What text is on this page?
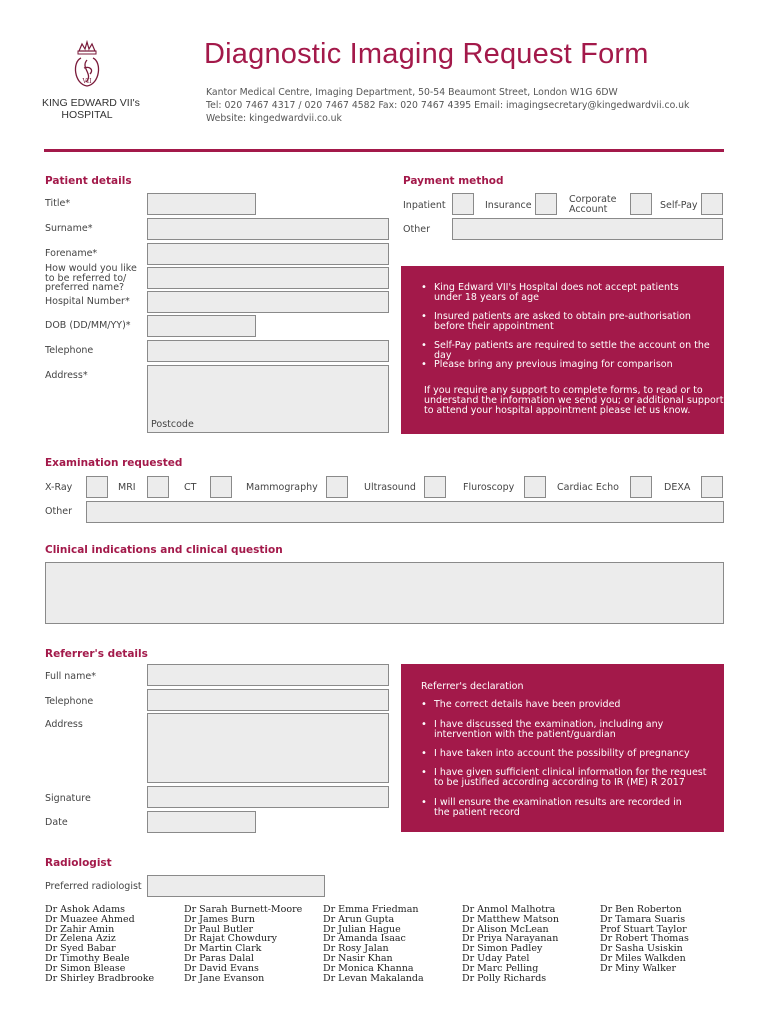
VII
KING EDWARD VII's
HOSPITAL
Diagnostic Imaging Request Form
Kantor Medical Centre, Imaging Department, 50-54 Beaumont Street, London W1G 6DW
Tel: 020 7467 4317 / 020 7467 4582 Fax: 020 7467 4395 Email: imagingsecretary@kingedwardvii.co.uk
Website: kingedwardvii.co.uk
Patient details
Title*
Surname*
Forename*
How would you like
to be referred to/
preferred name?
Hospital Number*
DOB (DD/MM/YY)*
Telephone
Address*
Postcode
Payment method
Inpatient	Insurance
Corporate
Account	Self-Pay
Other
• King Edward VII's Hospital does not accept patients
under 18 years of age
• Insured patients are asked to obtain pre-authorisation
before their appointment
• Self-Pay patients are required to settle the account on the day
• Please bring any previous imaging for comparison
If you require any support to complete forms, to read or to
understand the information we send you; or additional support
to attend your hospital appointment please let us know.
Examination requested
X-Ray	MRI	CT	Mammography	Ultrasound	Fluroscopy	Cardiac Echo	DEXA
Other
Clinical indications and clinical question
Referrer's details
Full name*
Telephone
Address
Signature
Date
Referrer's declaration
• The correct details have been provided
• I have discussed the examination, including any
intervention with the patient/guardian
• I have taken into account the possibility of pregnancy
• I have given sufficient clinical information for the request
to be justified according according to IR (ME) R 2017
• I will ensure the examination results are recorded in
the patient record
Radiologist
Preferred radiologist
Dr Ashok Adams
Dr Muazee Ahmed
Dr Zahir Amin
Dr Zelena Aziz
Dr Syed Babar
Dr Timothy Beale
Dr Simon Blease
Dr Shirley Bradbrooke
Dr Sarah Burnett-Moore
Dr James Burn
Dr Paul Butler
Dr Rajat Chowdury
Dr Martin Clark
Dr Paras Dalal
Dr David Evans
Dr Jane Evanson
Dr Emma Friedman
Dr Arun Gupta
Dr Julian Hague
Dr Amanda Isaac
Dr Rosy Jalan
Dr Nasir Khan
Dr Monica Khanna
Dr Levan Makalanda
Dr Anmol Malhotra
Dr Matthew Matson
Dr Alison McLean
Dr Priya Narayanan
Dr Simon Padley
Dr Uday Patel
Dr Marc Pelling
Dr Polly Richards
Dr Ben Roberton
Dr Tamara Suaris
Prof Stuart Taylor
Dr Robert Thomas
Dr Sasha Usiskin
Dr Miles Walkden
Dr Miny Walker
